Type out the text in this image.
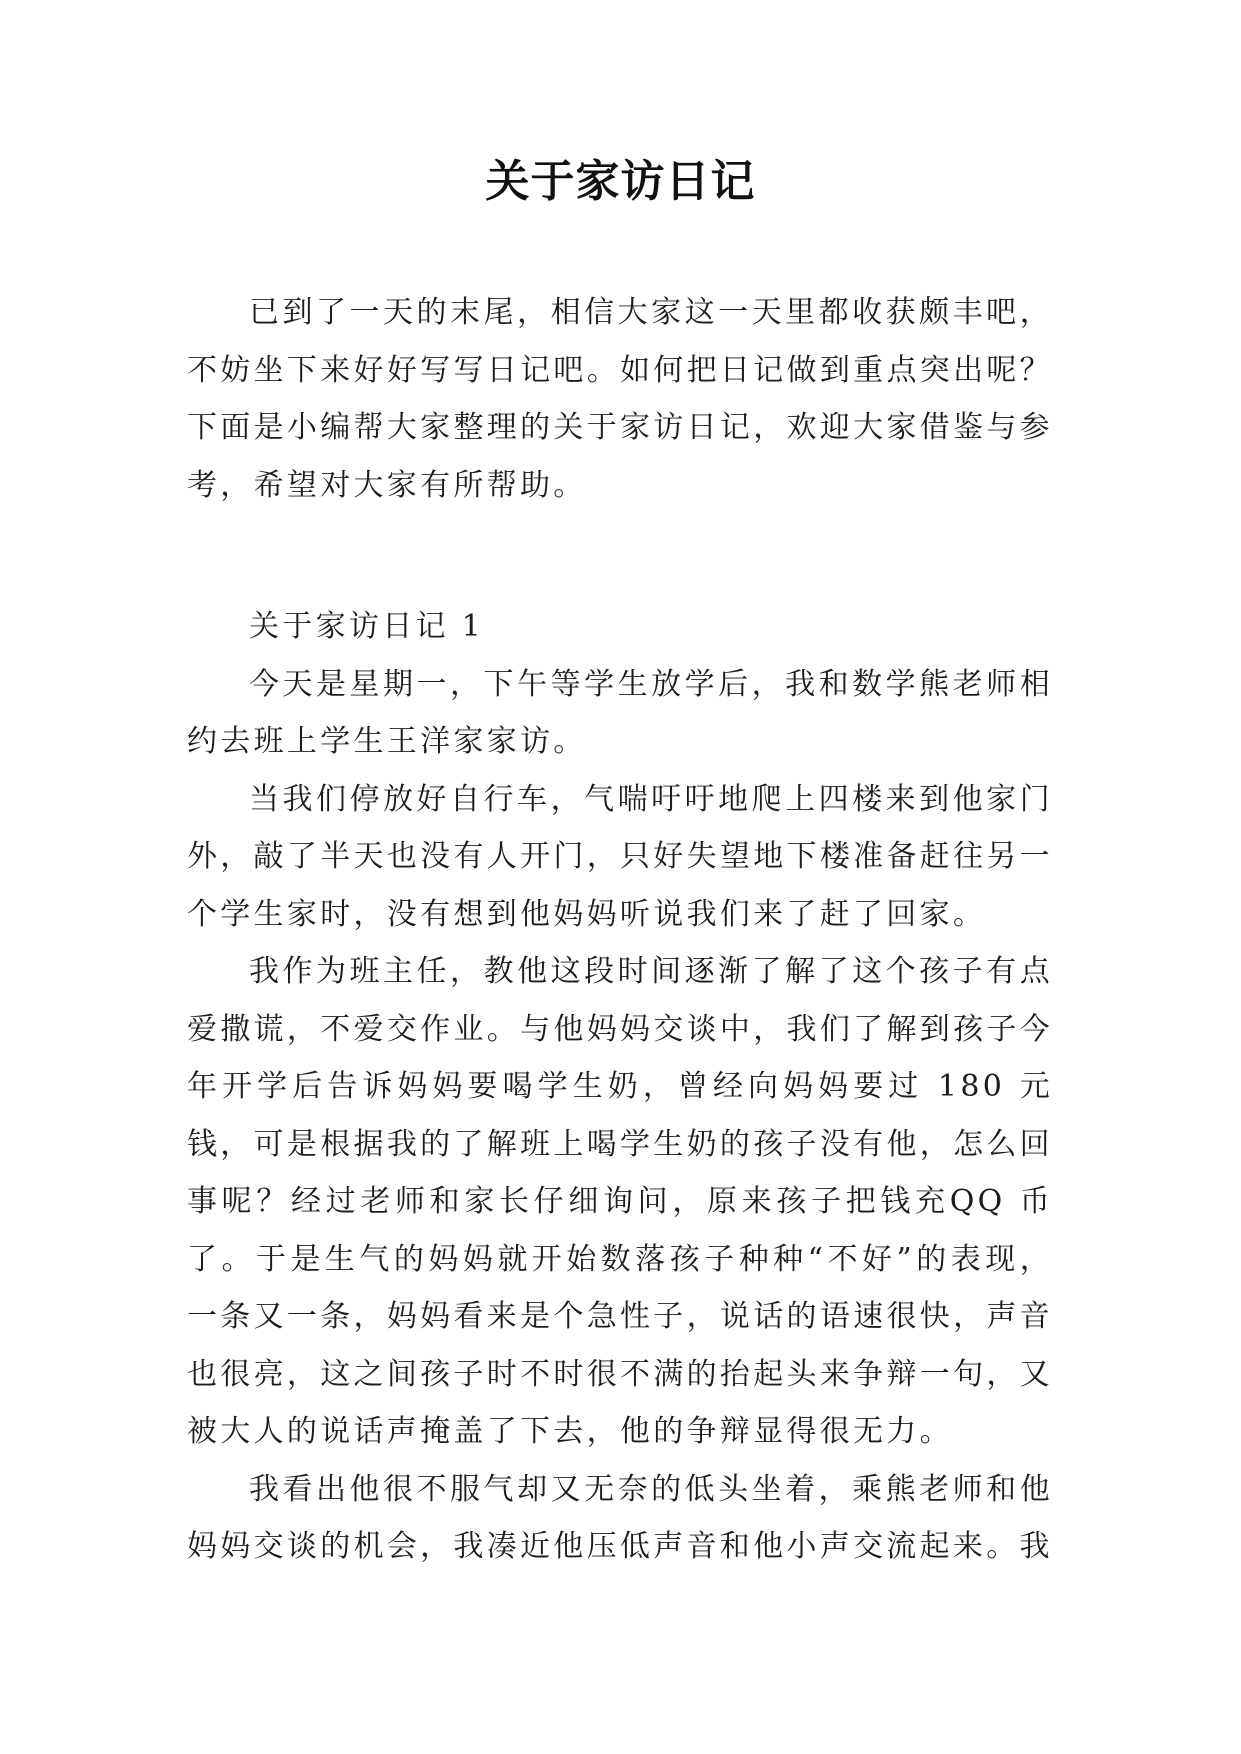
关于家访日记

已到了一天的末尾，相信大家这一天里都收获颇丰吧，不妨坐下来好好写写日记吧。如何把日记做到重点突出呢？下面是小编帮大家整理的关于家访日记，欢迎大家借鉴与参考，希望对大家有所帮助。

关于家访日记 1

今天是星期一，下午等学生放学后，我和数学熊老师相约去班上学生王洋家家访。

当我们停放好自行车，气喘吁吁地爬上四楼来到他家门外，敲了半天也没有人开门，只好失望地下楼准备赶往另一个学生家时，没有想到他妈妈听说我们来了赶了回家。

我作为班主任，教他这段时间逐渐了解了这个孩子有点爱撒谎，不爱交作业。与他妈妈交谈中，我们了解到孩子今年开学后告诉妈妈要喝学生奶，曾经向妈妈要过 180 元钱，可是根据我的了解班上喝学生奶的孩子没有他，怎么回事呢？经过老师和家长仔细询问，原来孩子把钱充QQ 币了。于是生气的妈妈就开始数落孩子种种“不好”的表现，一条又一条，妈妈看来是个急性子，说话的语速很快，声音也很亮，这之间孩子时不时很不满的抬起头来争辩一句，又被大人的说话声掩盖了下去，他的争辩显得很无力。

我看出他很不服气却又无奈的低头坐着，乘熊老师和他妈妈交谈的机会，我凑近他压低声音和他小声交流起来。我
